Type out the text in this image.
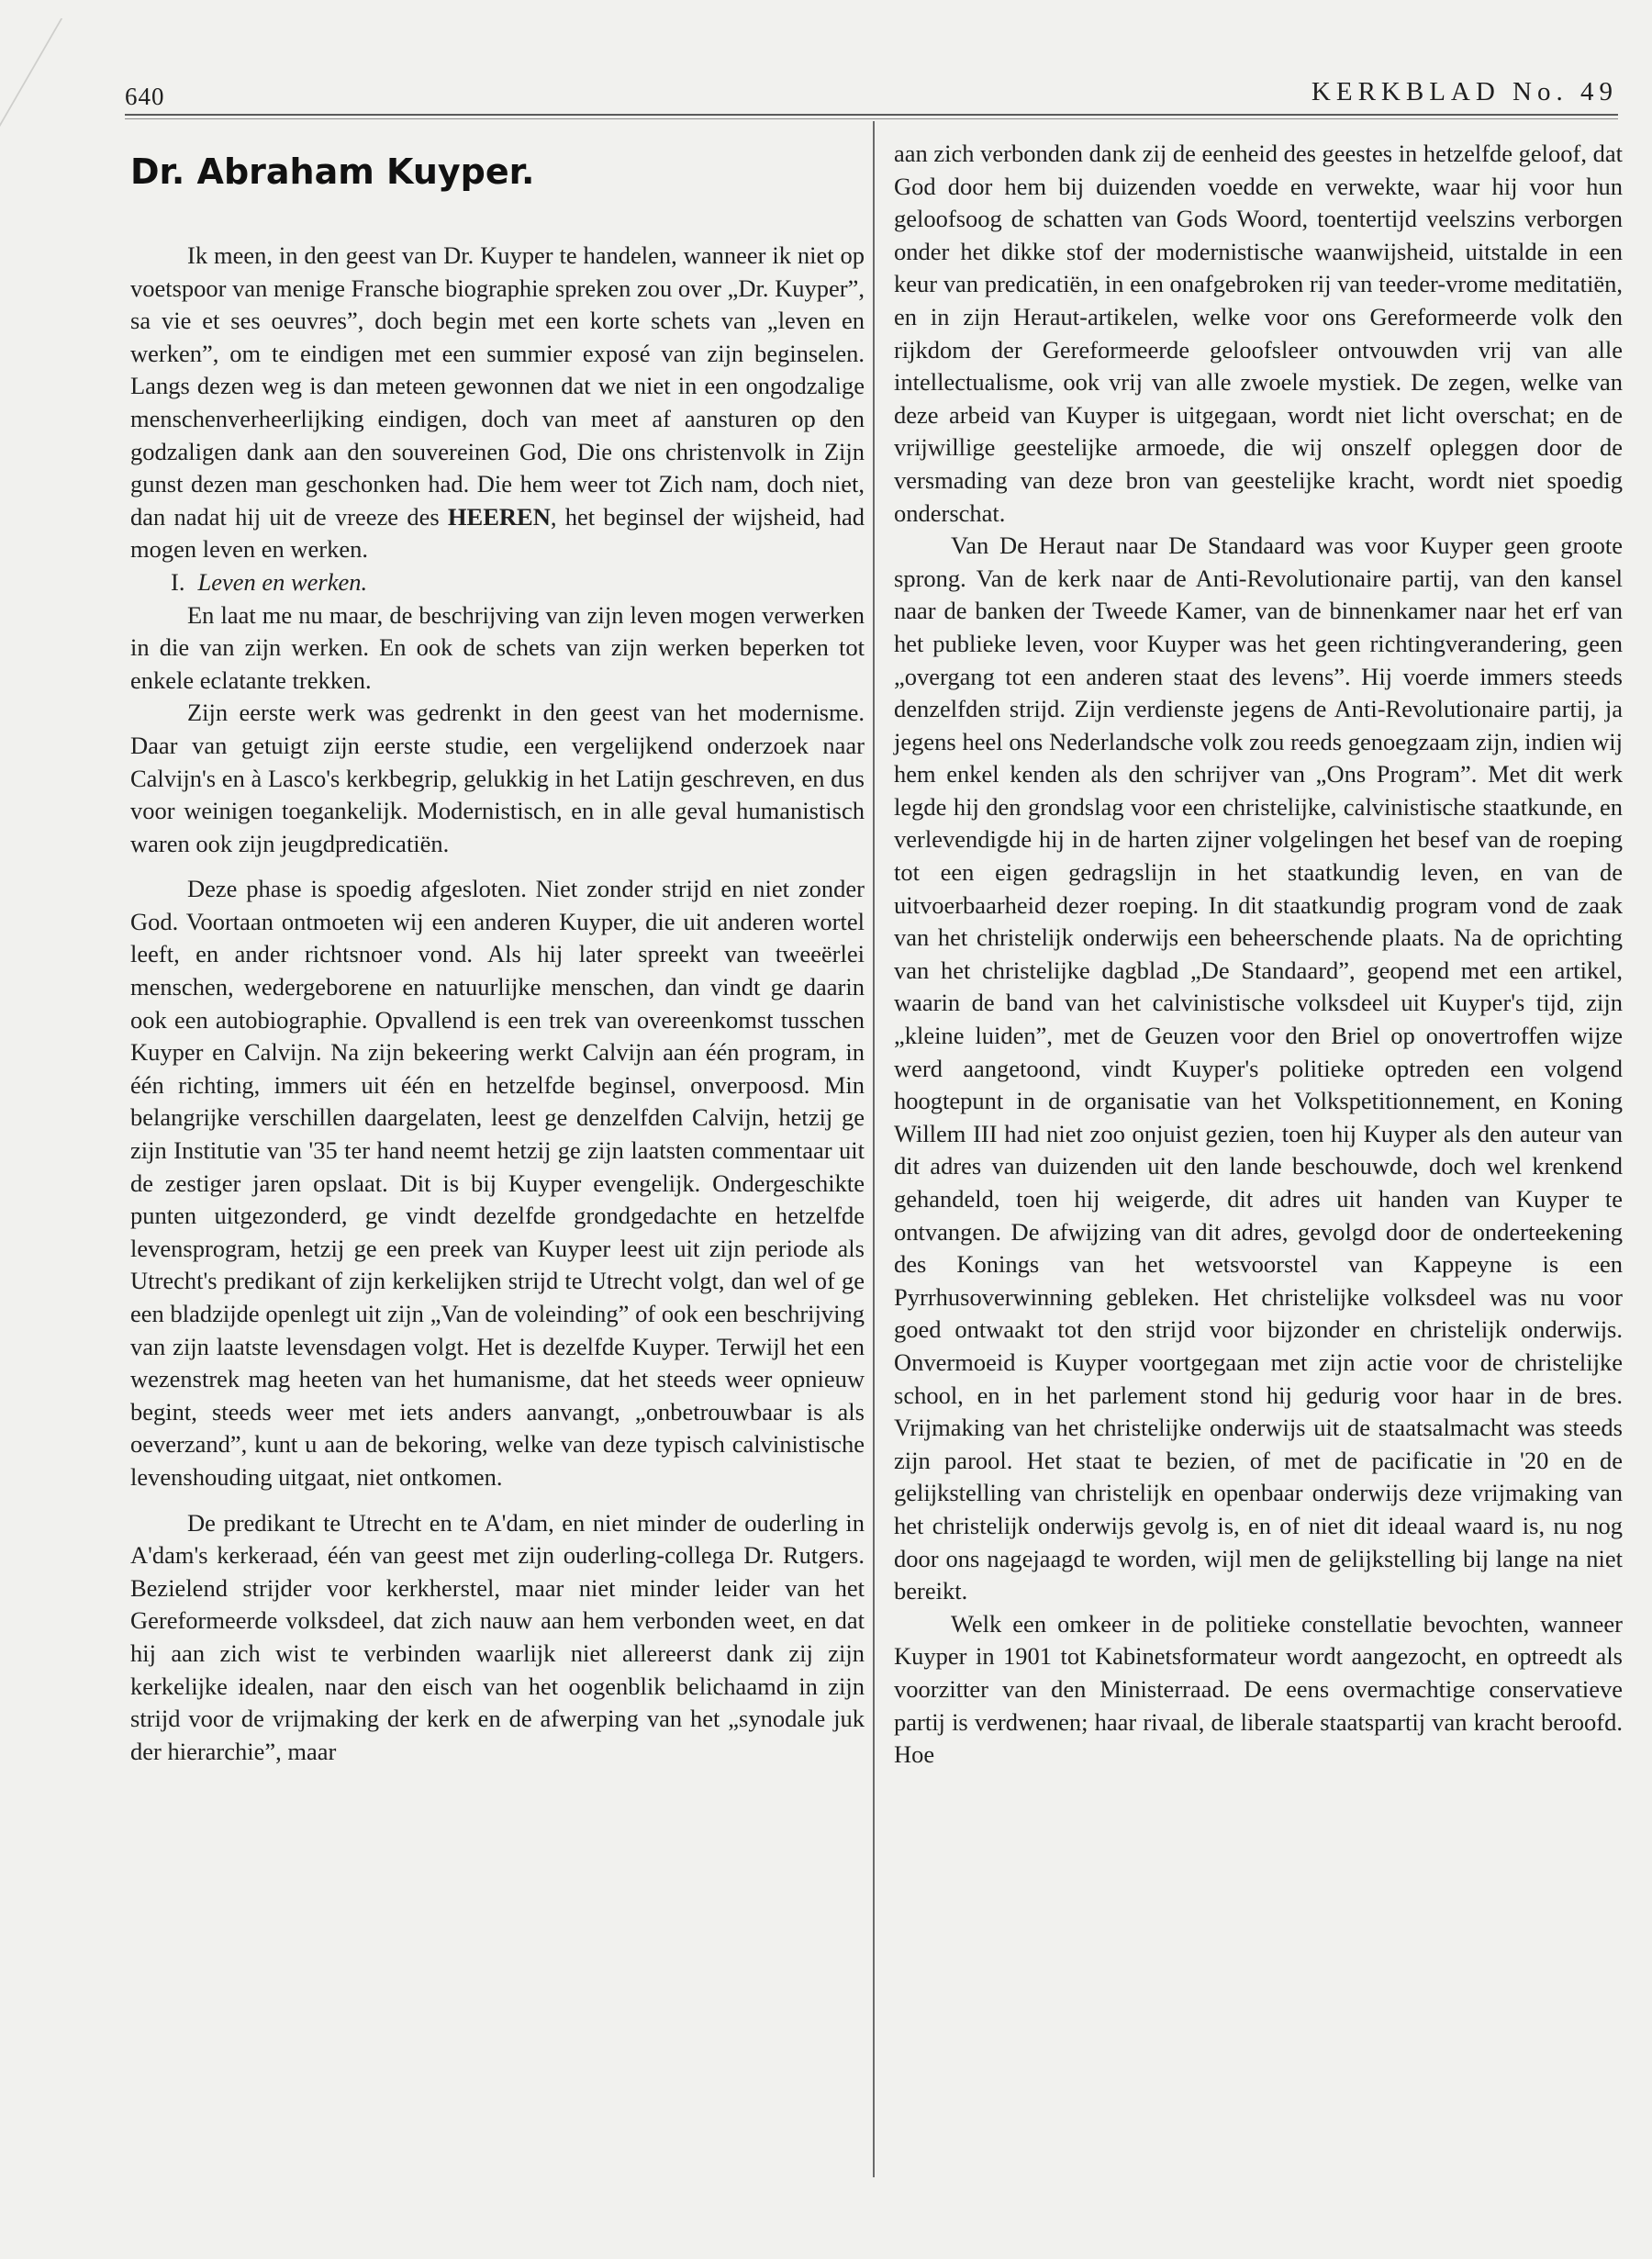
640	KERKBLAD No. 49
Dr. Abraham Kuyper.

Ik meen, in den geest van Dr. Kuyper te handelen, wanneer ik niet op voetspoor van menige Fransche biographie spreken zou over „Dr. Kuyper”, sa vie et ses oeuvres”, doch begin met een korte schets van „leven en werken”, om te eindigen met een summier exposé van zijn beginselen. Langs dezen weg is dan meteen gewonnen dat we niet in een ongodzalige menschenverheerlijking eindigen, doch van meet af aansturen op den godzaligen dank aan den souvereinen God, Die ons christenvolk in Zijn gunst dezen man geschonken had. Die hem weer tot Zich nam, doch niet, dan nadat hij uit de vreeze des HEEREN, het beginsel der wijsheid, had mogen leven en werken.

I. Leven en werken.

En laat me nu maar, de beschrijving van zijn leven mogen verwerken in die van zijn werken. En ook de schets van zijn werken beperken tot enkele eclatante trekken.

Zijn eerste werk was gedrenkt in den geest van het modernisme. Daar van getuigt zijn eerste studie, een vergelijkend onderzoek naar Calvijn's en à Lasco's kerkbegrip, gelukkig in het Latijn geschreven, en dus voor weinigen toegankelijk. Modernistisch, en in alle geval humanistisch waren ook zijn jeugdpredicatiën.

Deze phase is spoedig afgesloten. Niet zonder strijd en niet zonder God. Voortaan ontmoeten wij een anderen Kuyper, die uit anderen wortel leeft, en ander richtsnoer vond. Als hij later spreekt van tweeërlei menschen, wedergeborene en natuurlijke menschen, dan vindt ge daarin ook een autobiographie. Opvallend is een trek van overeenkomst tusschen Kuyper en Calvijn. Na zijn bekeering werkt Calvijn aan één program, in één richting, immers uit één en hetzelfde beginsel, onverpoosd. Min belangrijke verschillen daargelaten, leest ge denzelfden Calvijn, hetzij ge zijn Institutie van '35 ter hand neemt hetzij ge zijn laatsten commentaar uit de zestiger jaren opslaat. Dit is bij Kuyper evengelijk. Ondergeschikte punten uitgezonderd, ge vindt dezelfde grondgedachte en hetzelfde levensprogram, hetzij ge een preek van Kuyper leest uit zijn periode als Utrecht's predikant of zijn kerkelijken strijd te Utrecht volgt, dan wel of ge een bladzijde openlegt uit zijn „Van de voleinding” of ook een beschrijving van zijn laatste levensdagen volgt. Het is dezelfde Kuyper. Terwijl het een wezenstrek mag heeten van het humanisme, dat het steeds weer opnieuw begint, steeds weer met iets anders aanvangt, „onbetrouwbaar is als oeverzand”, kunt u aan de bekoring, welke van deze typisch calvinistische levenshouding uitgaat, niet ontkomen.

De predikant te Utrecht en te A'dam, en niet minder de ouderling in A'dam's kerkeraad, één van geest met zijn ouderling-collega Dr. Rutgers. Bezielend strijder voor kerkherstel, maar niet minder leider van het Gereformeerde volksdeel, dat zich nauw aan hem verbonden weet, en dat hij aan zich wist te verbinden waarlijk niet allereerst dank zij zijn kerkelijke idealen, naar den eisch van het oogenblik belichaamd in zijn strijd voor de vrijmaking der kerk en de afwerping van het „synodale juk der hierarchie”, maar

aan zich verbonden dank zij de eenheid des geestes in hetzelfde geloof, dat God door hem bij duizenden voedde en verwekte, waar hij voor hun geloofsoog de schatten van Gods Woord, toentertijd veelszins verborgen onder het dikke stof der modernistische waanwijsheid, uitstalde in een keur van predicatiën, in een onafgebroken rij van teeder-vrome meditatiën, en in zijn Heraut-artikelen, welke voor ons Gereformeerde volk den rijkdom der Gereformeerde geloofsleer ontvouwden vrij van alle intellectualisme, ook vrij van alle zwoele mystiek. De zegen, welke van deze arbeid van Kuyper is uitgegaan, wordt niet licht overschat; en de vrijwillige geestelijke armoede, die wij onszelf opleggen door de versmading van deze bron van geestelijke kracht, wordt niet spoedig onderschat.

Van De Heraut naar De Standaard was voor Kuyper geen groote sprong. Van de kerk naar de Anti-Revolutionaire partij, van den kansel naar de banken der Tweede Kamer, van de binnenkamer naar het erf van het publieke leven, voor Kuyper was het geen richtingverandering, geen „overgang tot een anderen staat des levens”. Hij voerde immers steeds denzelfden strijd. Zijn verdienste jegens de Anti-Revolutionaire partij, ja jegens heel ons Nederlandsche volk zou reeds genoegzaam zijn, indien wij hem enkel kenden als den schrijver van „Ons Program”. Met dit werk legde hij den grondslag voor een christelijke, calvinistische staatkunde, en verlevendigde hij in de harten zijner volgelingen het besef van de roeping tot een eigen gedragslijn in het staatkundig leven, en van de uitvoerbaarheid dezer roeping. In dit staatkundig program vond de zaak van het christelijk onderwijs een beheerschende plaats. Na de oprichting van het christelijke dagblad „De Standaard”, geopend met een artikel, waarin de band van het calvinistische volksdeel uit Kuyper's tijd, zijn „kleine luiden”, met de Geuzen voor den Briel op onovertroffen wijze werd aangetoond, vindt Kuyper's politieke optreden een volgend hoogtepunt in de organisatie van het Volkspetitionnement, en Koning Willem III had niet zoo onjuist gezien, toen hij Kuyper als den auteur van dit adres van duizenden uit den lande beschouwde, doch wel krenkend gehandeld, toen hij weigerde, dit adres uit handen van Kuyper te ontvangen. De afwijzing van dit adres, gevolgd door de onderteekening des Konings van het wetsvoorstel van Kappeyne is een Pyrrhusoverwinning gebleken. Het christelijke volksdeel was nu voor goed ontwaakt tot den strijd voor bijzonder en christelijk onderwijs. Onvermoeid is Kuyper voortgegaan met zijn actie voor de christelijke school, en in het parlement stond hij gedurig voor haar in de bres. Vrijmaking van het christelijke onderwijs uit de staatsalmacht was steeds zijn parool. Het staat te bezien, of met de pacificatie in '20 en de gelijkstelling van christelijk en openbaar onderwijs deze vrijmaking van het christelijk onderwijs gevolg is, en of niet dit ideaal waard is, nu nog door ons nagejaagd te worden, wijl men de gelijkstelling bij lange na niet bereikt.

Welk een omkeer in de politieke constellatie bevochten, wanneer Kuyper in 1901 tot Kabinetsformateur wordt aangezocht, en optreedt als voorzitter van den Ministerraad. De eens overmachtige conservatieve partij is verdwenen; haar rivaal, de liberale staatspartij van kracht beroofd. Hoe
